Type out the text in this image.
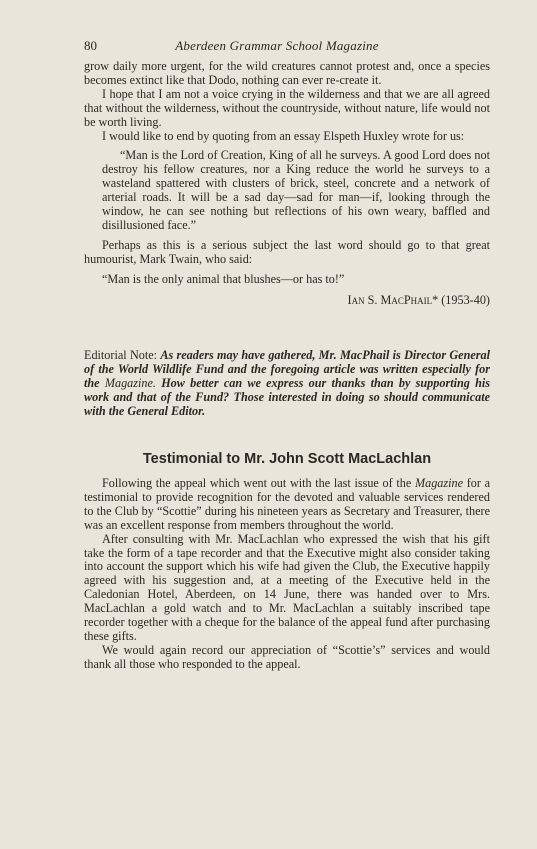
80	Aberdeen Grammar School Magazine

grow daily more urgent, for the wild creatures cannot protest and, once a species becomes extinct like that Dodo, nothing can ever re-create it.

I hope that I am not a voice crying in the wilderness and that we are all agreed that without the wilderness, without the countryside, without nature, life would not be worth living.

I would like to end by quoting from an essay Elspeth Huxley wrote for us:

“Man is the Lord of Creation, King of all he surveys. A good Lord does not destroy his fellow creatures, nor a King reduce the world he surveys to a wasteland spattered with clusters of brick, steel, concrete and a network of arterial roads. It will be a sad day—sad for man—if, looking through the window, he can see nothing but reflections of his own weary, baffled and disillusioned face.”

Perhaps as this is a serious subject the last word should go to that great humourist, Mark Twain, who said:

“Man is the only animal that blushes—or has to!”

Ian S. MacPhail* (1953-40)
Editorial Note: As readers may have gathered, Mr. MacPhail is Director General of the World Wildlife Fund and the foregoing article was written especially for the Magazine. How better can we express our thanks than by supporting his work and that of the Fund? Those interested in doing so should communicate with the General Editor.
Testimonial to Mr. John Scott MacLachlan

Following the appeal which went out with the last issue of the Magazine for a testimonial to provide recognition for the devoted and valuable services rendered to the Club by “Scottie” during his nineteen years as Secretary and Treasurer, there was an excellent response from members throughout the world.

After consulting with Mr. MacLachlan who expressed the wish that his gift take the form of a tape recorder and that the Executive might also consider taking into account the support which his wife had given the Club, the Executive happily agreed with his suggestion and, at a meeting of the Executive held in the Caledonian Hotel, Aberdeen, on 14 June, there was handed over to Mrs. MacLachlan a gold watch and to Mr. MacLachlan a suitably inscribed tape recorder together with a cheque for the balance of the appeal fund after purchasing these gifts.

We would again record our appreciation of “Scottie’s” services and would thank all those who responded to the appeal.
